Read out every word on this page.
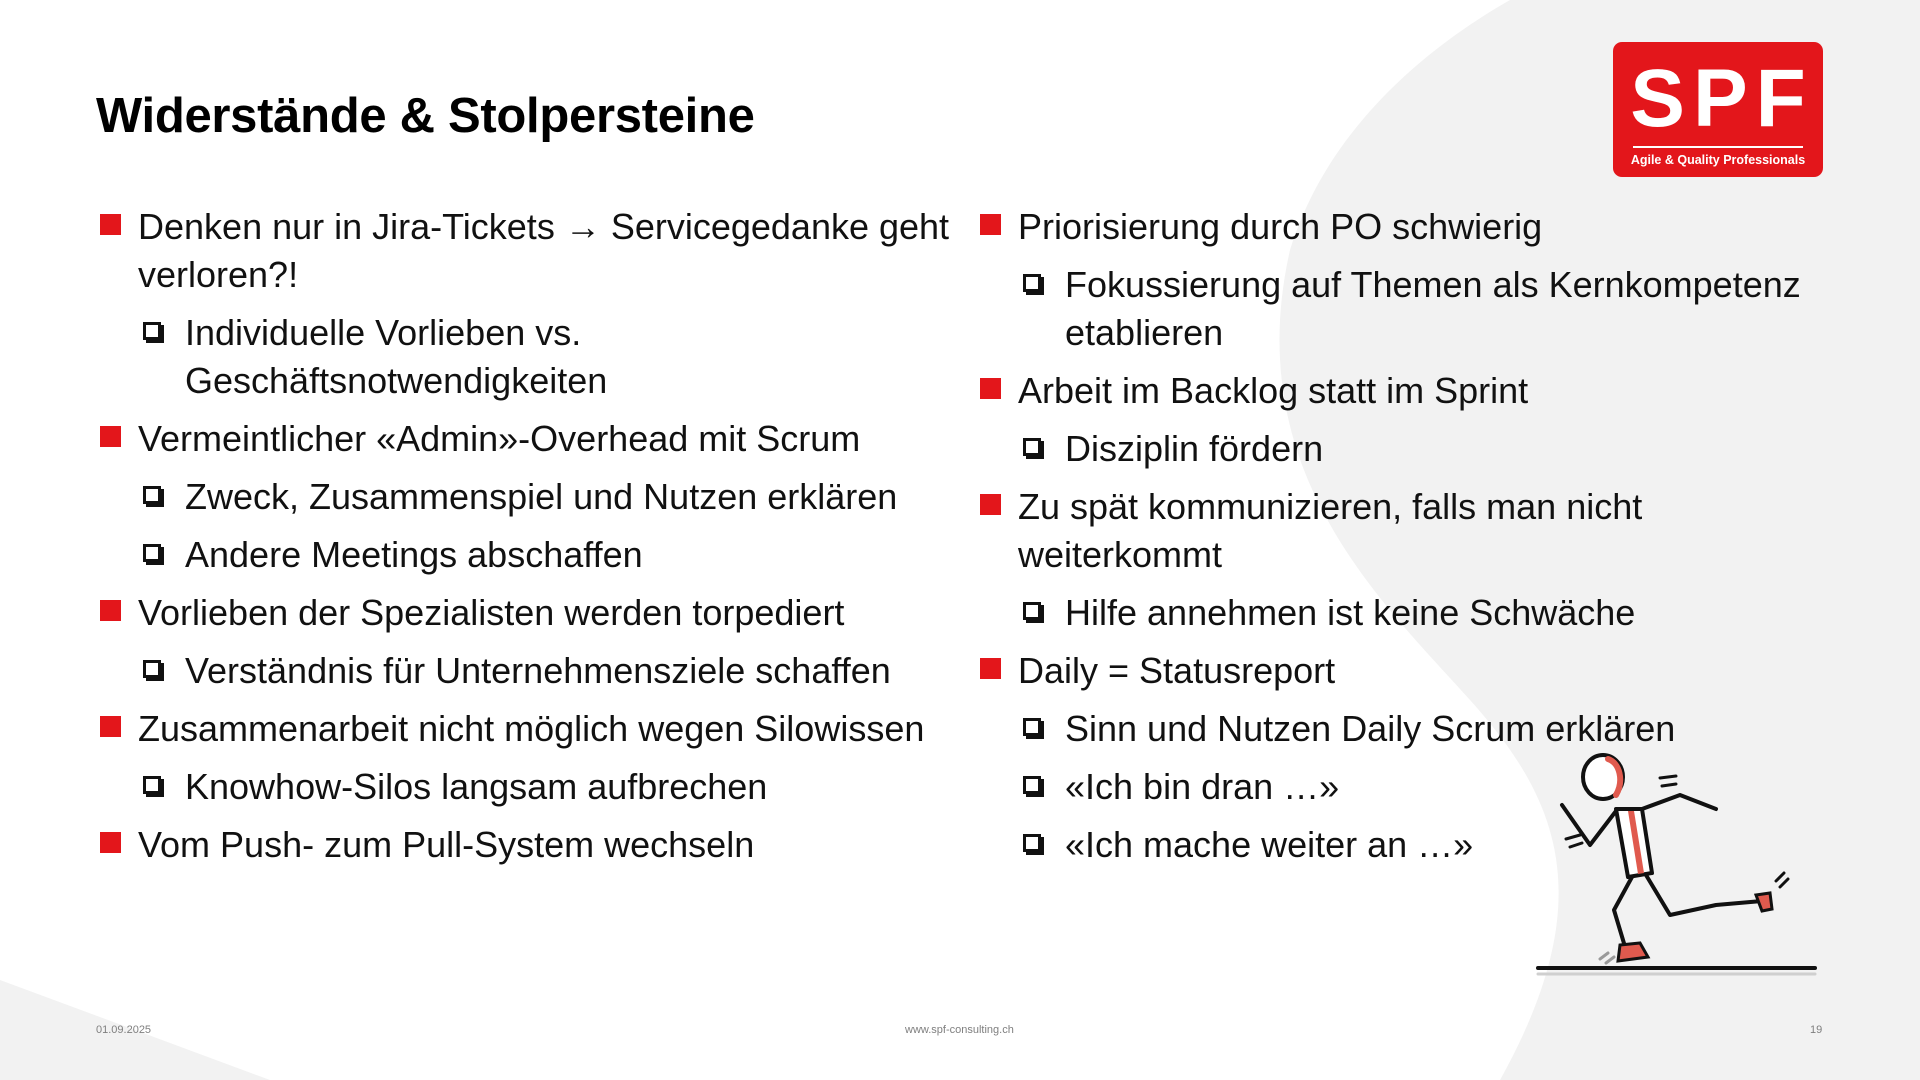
Widerstände & Stolpersteine	SPF
Agile & Quality Professionals
Denken nur in Jira-Tickets → Servicegedanke geht verloren?!
Individuelle Vorlieben vs. Geschäftsnotwendigkeiten
Vermeintlicher «Admin»-Overhead mit Scrum
Zweck, Zusammenspiel und Nutzen erklären
Andere Meetings abschaffen
Vorlieben der Spezialisten werden torpediert
Verständnis für Unternehmensziele schaffen
Zusammenarbeit nicht möglich wegen Silowissen
Knowhow-Silos langsam aufbrechen
Vom Push- zum Pull-System wechseln
Priorisierung durch PO schwierig
Fokussierung auf Themen als Kernkompetenz etablieren
Arbeit im Backlog statt im Sprint
Disziplin fördern
Zu spät kommunizieren, falls man nicht weiterkommt
Hilfe annehmen ist keine Schwäche
Daily = Statusreport
Sinn und Nutzen Daily Scrum erklären
«Ich bin dran …»
«Ich mache weiter an …»
01.09.2025	www.spf-consulting.ch	19
